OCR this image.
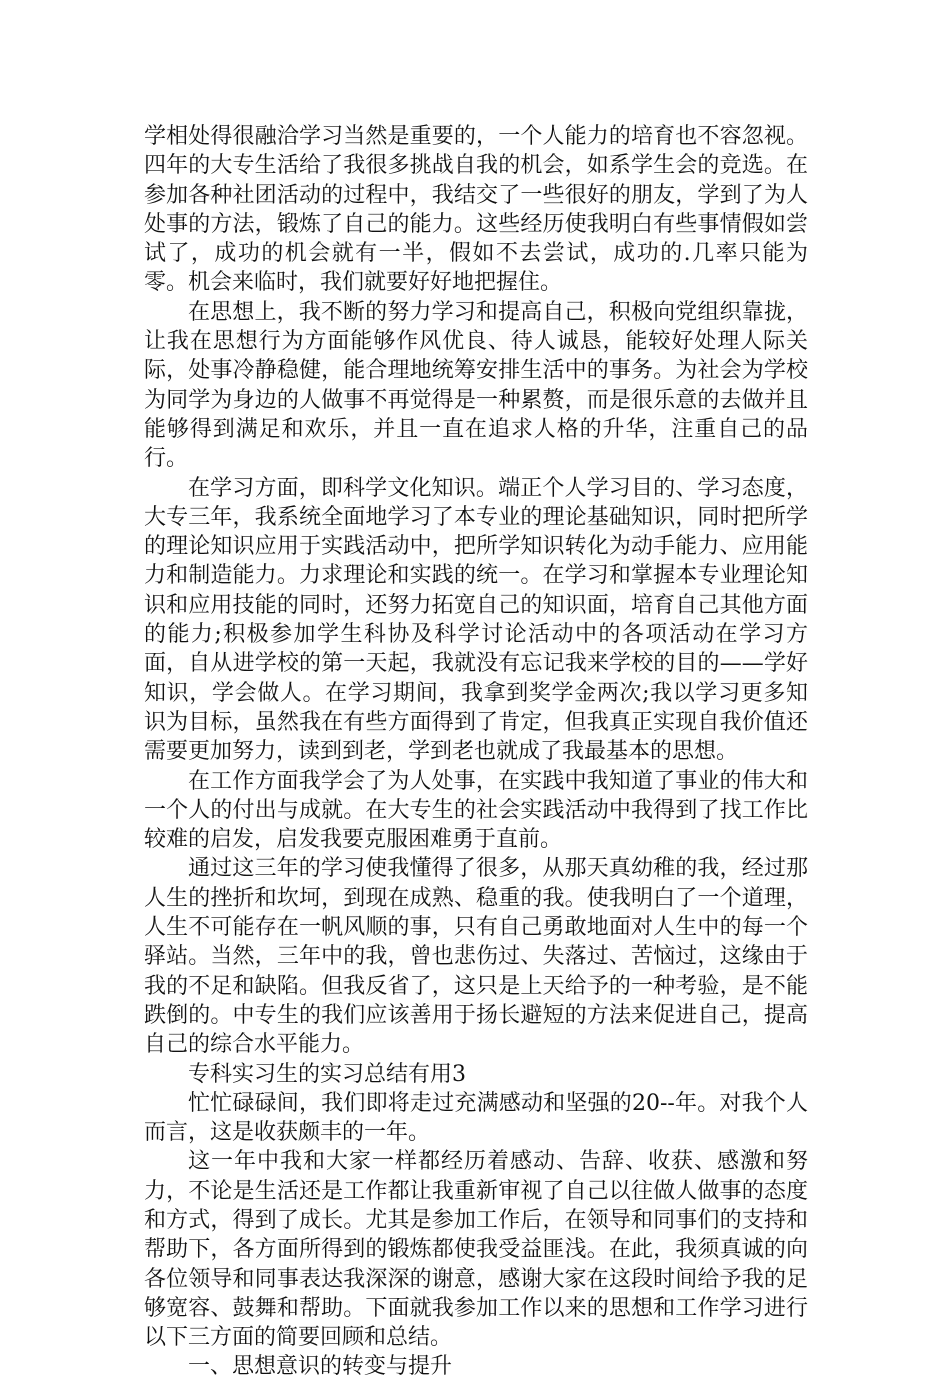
学相处得很融洽学习当然是重要的，一个人能力的培育也不容忽视。四年的大专生活给了我很多挑战自我的机会，如系学生会的竞选。在参加各种社团活动的过程中，我结交了一些很好的朋友，学到了为人处事的方法，锻炼了自己的能力。这些经历使我明白有些事情假如尝试了，成功的机会就有一半，假如不去尝试，成功的.几率只能为零。机会来临时，我们就要好好地把握住。

在思想上，我不断的努力学习和提高自己，积极向党组织靠拢，让我在思想行为方面能够作风优良、待人诚恳，能较好处理人际关际，处事冷静稳健，能合理地统筹安排生活中的事务。为社会为学校为同学为身边的人做事不再觉得是一种累赘，而是很乐意的去做并且能够得到满足和欢乐，并且一直在追求人格的升华，注重自己的品行。

在学习方面，即科学文化知识。端正个人学习目的、学习态度，大专三年，我系统全面地学习了本专业的理论基础知识，同时把所学的理论知识应用于实践活动中，把所学知识转化为动手能力、应用能力和制造能力。力求理论和实践的统一。在学习和掌握本专业理论知识和应用技能的同时，还努力拓宽自己的知识面，培育自己其他方面的能力;积极参加学生科协及科学讨论活动中的各项活动在学习方面，自从进学校的第一天起，我就没有忘记我来学校的目的——学好知识，学会做人。在学习期间，我拿到奖学金两次;我以学习更多知识为目标，虽然我在有些方面得到了肯定，但我真正实现自我价值还需要更加努力，读到到老，学到老也就成了我最基本的思想。

在工作方面我学会了为人处事，在实践中我知道了事业的伟大和一个人的付出与成就。在大专生的社会实践活动中我得到了找工作比较难的启发，启发我要克服困难勇于直前。

通过这三年的学习使我懂得了很多，从那天真幼稚的我，经过那人生的挫折和坎坷，到现在成熟、稳重的我。使我明白了一个道理，人生不可能存在一帆风顺的事，只有自己勇敢地面对人生中的每一个驿站。当然，三年中的我，曾也悲伤过、失落过、苦恼过，这缘由于我的不足和缺陷。但我反省了，这只是上天给予的一种考验，是不能跌倒的。中专生的我们应该善用于扬长避短的方法来促进自己，提高自己的综合水平能力。

专科实习生的实习总结有用3

忙忙碌碌间，我们即将走过充满感动和坚强的20--年。对我个人而言，这是收获颇丰的一年。

这一年中我和大家一样都经历着感动、告辞、收获、感激和努力，不论是生活还是工作都让我重新审视了自己以往做人做事的态度和方式，得到了成长。尤其是参加工作后，在领导和同事们的支持和帮助下，各方面所得到的锻炼都使我受益匪浅。在此，我须真诚的向各位领导和同事表达我深深的谢意，感谢大家在这段时间给予我的足够宽容、鼓舞和帮助。下面就我参加工作以来的思想和工作学习进行以下三方面的简要回顾和总结。

一、思想意识的转变与提升
